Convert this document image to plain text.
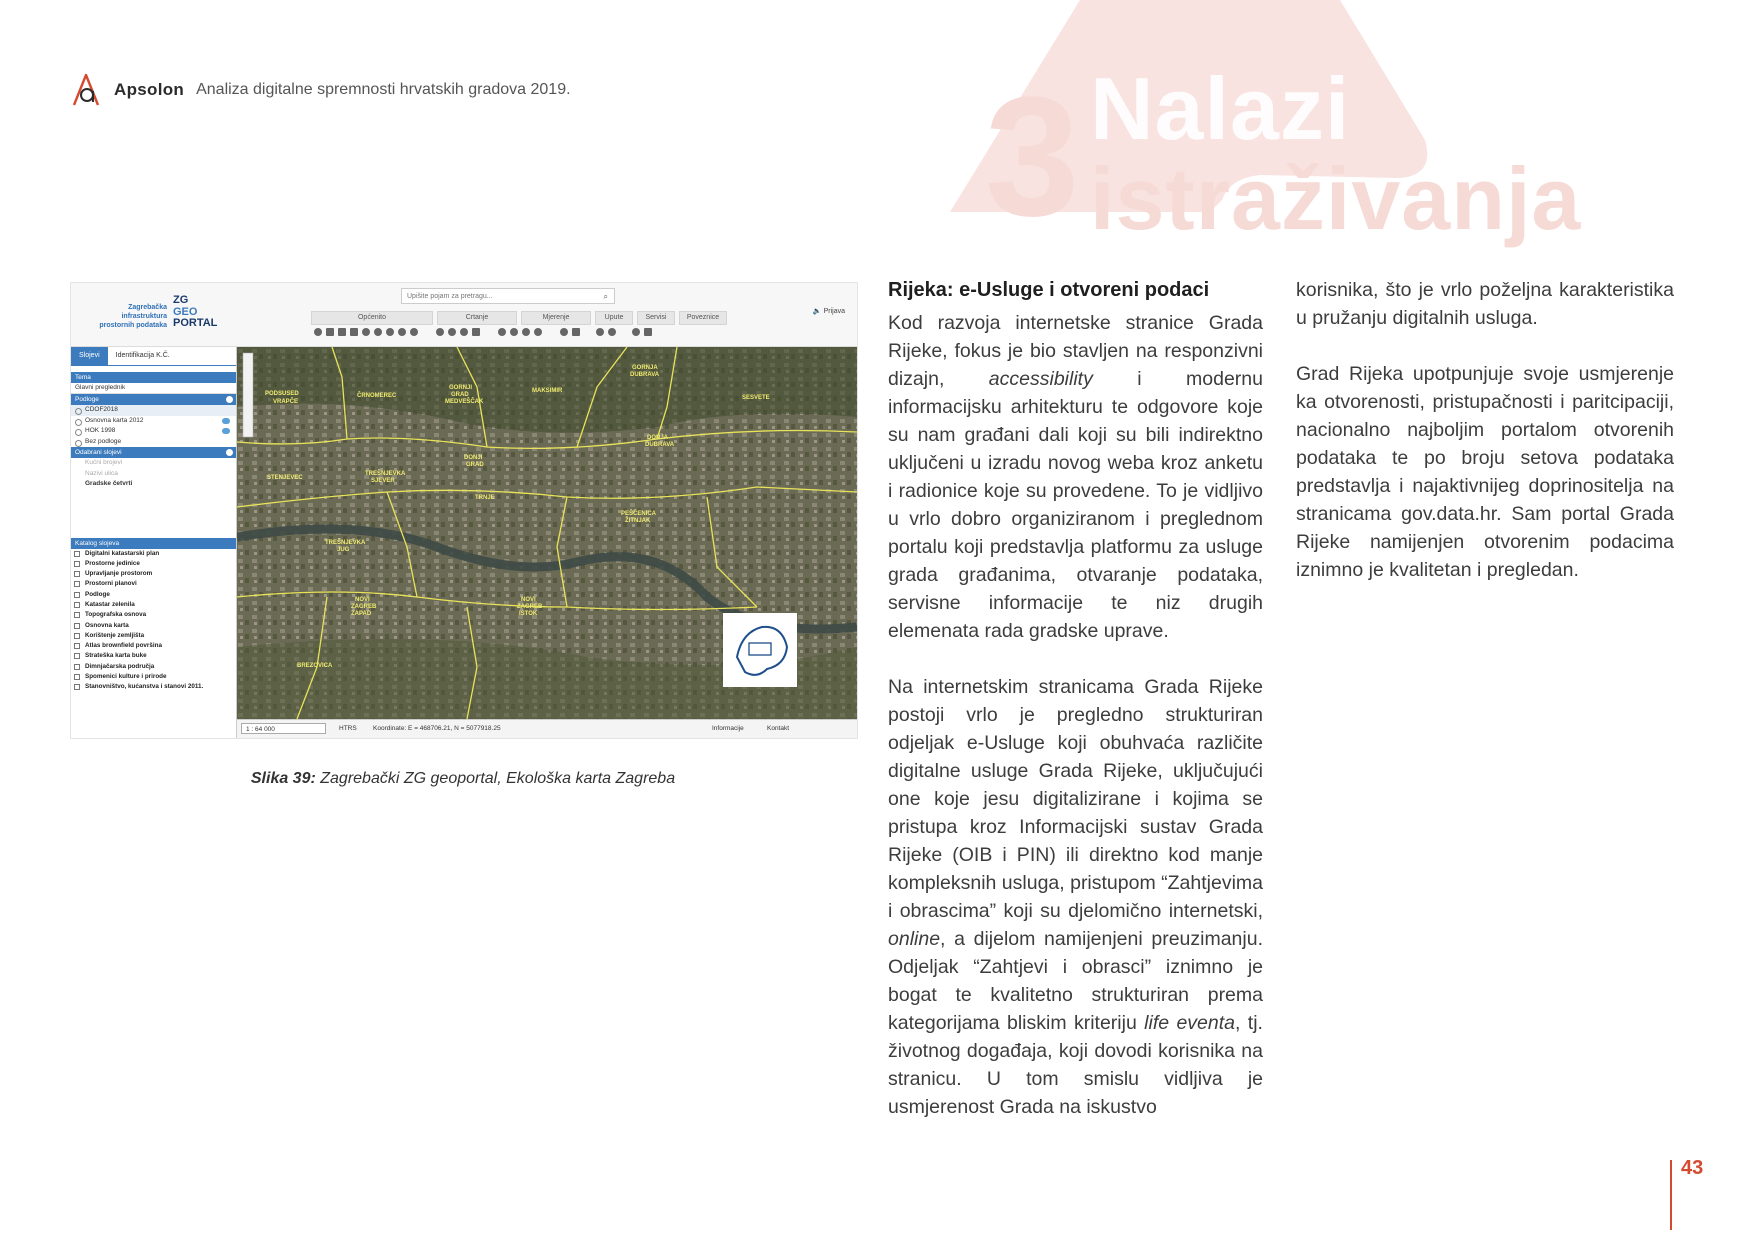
Apsolon Analiza digitalne spremnosti hrvatskih gradova 2019. 3 Nalazi
istraživanja
Zagrebačka
infrastruktura
prostornih podataka
ZG
GEO
PORTAL
Upišite pojam za pretragu...	⌕
Općenito	Crtanje	Mjerenje	Upute	Servisi	Poveznice
🔈 Prijava
Slojevi	Identifikacija K.Č.
Tema
Glavni preglednik
Podloge
CDOF2018
Osnovna karta 2012
HOK 1998
Bez podloge
Odabrani slojevi
Kućni brojevi
Nazivi ulica
Gradske četvrti
Katalog slojeva
Digitalni katastarski plan
Prostorne jedinice
Upravljanje prostorom
Prostorni planovi
Podloge
Katastar zelenila
Topografska osnova
Osnovna karta
Korištenje zemljišta
Atlas brownfield površina
Strateška karta buke
Dimnjačarska područja
Spomenici kulture i prirode
Stanovništvo, kućanstva i stanovi 2011.
PODSUSED
VRAPČE
ČRNOMEREC
GORNJI
GRAD
MEDVEŠČAK
MAKSIMIR
GORNJA
DUBRAVA
SESVETE
DONJI
GRAD
DONJA
DUBRAVA
STENJEVEC
TREŠNJEVKA
SJEVER
TRNJE
PEŠČENICA
ŽITNJAK
TREŠNJEVKA
JUG
NOVI
ZAGREB
ZAPAD
NOVI
ZAGREB
ISTOK
BREZOVICA
1 : 64 000	HTRS	Koordinate: E = 468706.21, N = 5077918.25	Informacije	Kontakt
Slika 39: Zagrebački ZG geoportal, Ekološka karta Zagreba
Rijeka: e-Usluge i otvoreni podaci

Kod razvoja internetske stranice Grada Rijeke, fokus je bio stavljen na responzivni dizajn, accessibility i modernu informacijsku arhitekturu te odgovore koje su nam građani dali koji su bili indirektno uključeni u izradu novog weba kroz anketu i radionice koje su provedene. To je vidljivo u vrlo dobro organiziranom i preglednom portalu koji predstavlja platformu za usluge grada građanima, otvaranje podataka, servisne informacije te niz drugih elemenata rada gradske uprave.

Na internetskim stranicama Grada Rijeke postoji vrlo je pregledno strukturiran odjeljak e-Usluge koji obuhvaća različite digitalne usluge Grada Rijeke, uključujući one koje jesu digitalizirane i kojima se pristupa kroz Informacijski sustav Grada Rijeke (OIB i PIN) ili direktno kod manje kompleksnih usluga, pristupom “Zahtjevima i obrascima” koji su djelomično internetski, online, a dijelom namijenjeni preuzimanju. Odjeljak “Zahtjevi i obrasci” iznimno je bogat te kvalitetno strukturiran prema kategorijama bliskim kriteriju life eventa, tj. životnog događaja, koji dovodi korisnika na stranicu. U tom smislu vidljiva je usmjerenost Grada na iskustvo

korisnika, što je vrlo poželjna karakteristika u pružanju digitalnih usluga.

Grad Rijeka upotpunjuje svoje usmjerenje ka otvorenosti, pristupačnosti i paritcipaciji, nacionalno najboljim portalom otvorenih podataka te po broju setova podataka predstavlja i najaktivnijeg doprinositelja na stranicama gov.data.hr. Sam portal Grada Rijeke namijenjen otvorenim podacima iznimno je kvalitetan i pregledan.

43
